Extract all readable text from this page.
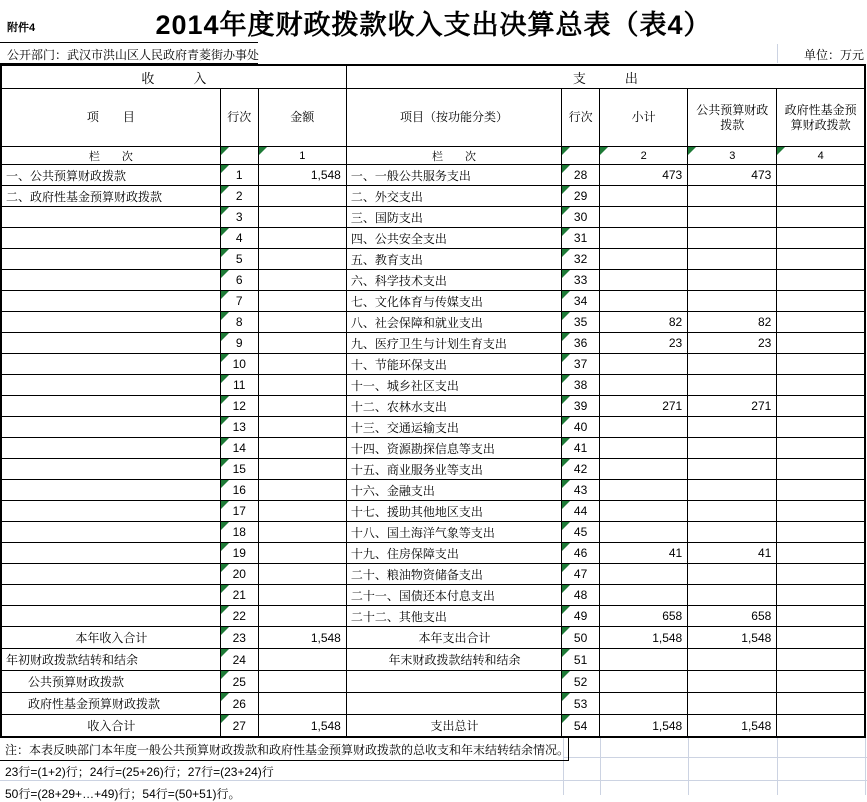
附件4	2014年度财政拨款收入支出决算总表（表4）
公开部门：武汉市洪山区人民政府青菱街办事处	单位：万元
收　　　入			支　　　出				
项　　目	行次	金额	项目（按功能分类）	行次	小计	公共预算财政拨款	政府性基金预算财政拨款
栏　　次		1	栏　　次		2	3	4
一、公共预算财政拨款	1	1,548	一、一般公共服务支出	28	473	473	
二、政府性基金预算财政拨款	2		二、外交支出	29			
	3		三、国防支出	30			
	4		四、公共安全支出	31			
	5		五、教育支出	32			
	6		六、科学技术支出	33			
	7		七、文化体育与传媒支出	34			
	8		八、社会保障和就业支出	35	82	82	
	9		九、医疗卫生与计划生育支出	36	23	23	
	10		十、节能环保支出	37			
	11		十一、城乡社区支出	38			
	12		十二、农林水支出	39	271	271	
	13		十三、交通运输支出	40			
	14		十四、资源勘探信息等支出	41			
	15		十五、商业服务业等支出	42			
	16		十六、金融支出	43			
	17		十七、援助其他地区支出	44			
	18		十八、国土海洋气象等支出	45			
	19		十九、住房保障支出	46	41	41	
	20		二十、粮油物资储备支出	47			
	21		二十一、国债还本付息支出	48			
	22		二十二、其他支出	49	658	658	
本年收入合计	23	1,548	本年支出合计	50	1,548	1,548	
年初财政拨款结转和结余	24		年末财政拨款结转和结余	51			
公共预算财政拨款	25			52			
政府性基金预算财政拨款	26			53			
收入合计	27	1,548	支出总计	54	1,548	1,548	
注：本表反映部门本年度一般公共预算财政拨款和政府性基金预算财政拨款的总收支和年末结转结余情况。
23行=(1+2)行；24行=(25+26)行；27行=(23+24)行
50行=(28+29+…+49)行；54行=(50+51)行。
